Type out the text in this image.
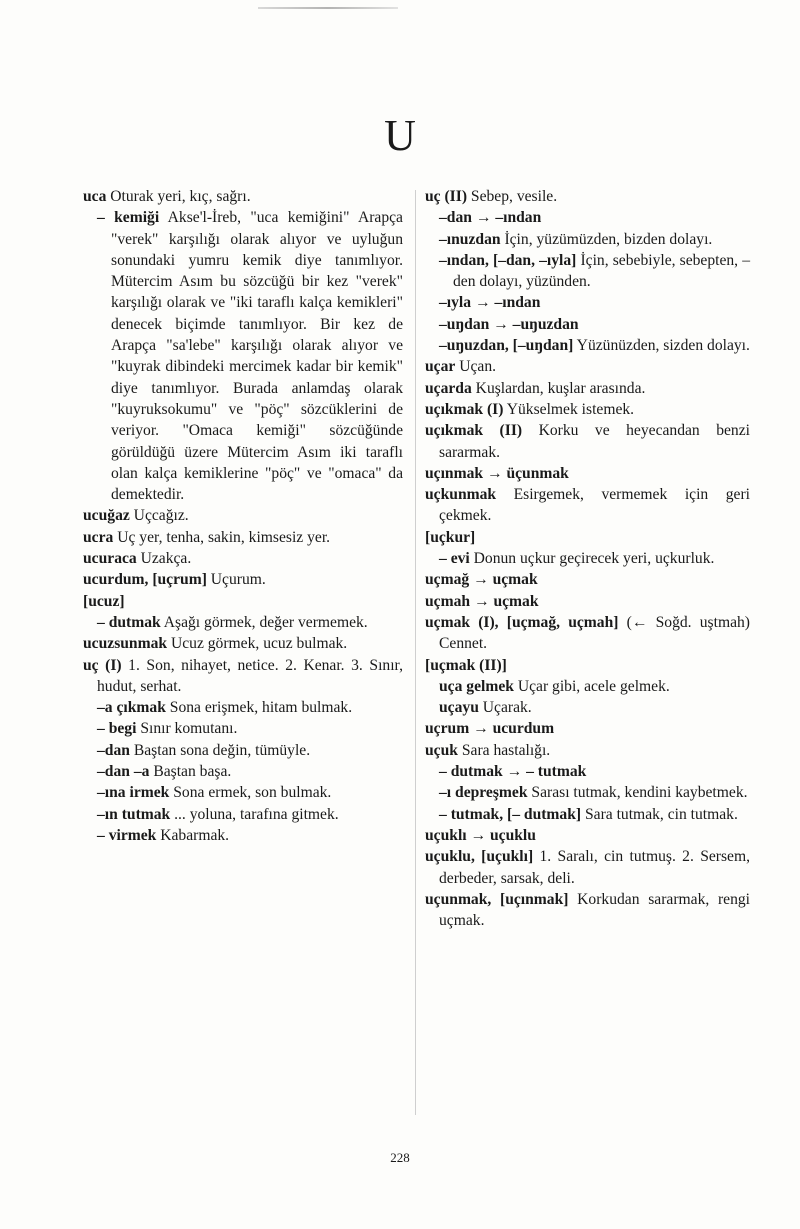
U
uca Oturak yeri, kıç, sağrı.
– kemiği Akse'l-İreb, "uca kemiğini" Arapça "verek" karşılığı olarak alıyor ve uyluğun sonundaki yumru kemik diye tanımlıyor. Mütercim Asım bu sözcüğü bir kez "verek" karşılığı olarak ve "iki taraflı kalça kemikleri" denecek biçimde tanımlıyor. Bir kez de Arapça "sa'lebe" karşılığı olarak alıyor ve "kuyrak dibindeki mercimek kadar bir kemik" diye tanımlıyor. Burada anlamdaş olarak "kuyruksokumu" ve "pöç" sözcüklerini de veriyor. "Omaca kemiği" sözcüğünde görüldüğü üzere Mütercim Asım iki taraflı olan kalça kemiklerine "pöç" ve "omaca" da demektedir.
ucuğaz Uçcağız.
ucra Uç yer, tenha, sakin, kimsesiz yer.
ucuraca Uzakça.
ucurdum, [uçrum] Uçurum.
[ucuz]
– dutmak Aşağı görmek, değer vermemek.
ucuzsunmak Ucuz görmek, ucuz bulmak.
uç (I) 1. Son, nihayet, netice. 2. Kenar. 3. Sınır, hudut, serhat.
–a çıkmak Sona erişmek, hitam bulmak.
– begi Sınır komutanı.
–dan Baştan sona değin, tümüyle.
–dan –a Baştan başa.
–ına irmek Sona ermek, son bulmak.
–ın tutmak ... yoluna, tarafına gitmek.
– virmek Kabarmak.
uç (II) Sebep, vesile.
–dan → –ından
–ınuzdan İçin, yüzümüzden, bizden dolayı.
–ından, [–dan, –ıyla] İçin, sebebiyle, sebepten, –den dolayı, yüzünden.
–ıyla → –ından
–uŋdan → –uŋuzdan
–uŋuzdan, [–uŋdan] Yüzünüzden, sizden dolayı.
uçar Uçan.
uçarda Kuşlardan, kuşlar arasında.
uçıkmak (I) Yükselmek istemek.
uçıkmak (II) Korku ve heyecandan benzi sararmak.
uçınmak → üçunmak
uçkunmak Esirgemek, vermemek için geri çekmek.
[uçkur]
– evi Donun uçkur geçirecek yeri, uçkurluk.
uçmağ → uçmak
uçmah → uçmak
uçmak (I), [uçmağ, uçmah] (← Soğd. uştmah) Cennet.
[uçmak (II)]
uça gelmek Uçar gibi, acele gelmek.
uçayu Uçarak.
uçrum → ucurdum
uçuk Sara hastalığı.
– dutmak → – tutmak
–ı depreşmek Sarası tutmak, kendini kaybetmek.
– tutmak, [– dutmak] Sara tutmak, cin tutmak.
uçuklı → uçuklu
uçuklu, [uçuklı] 1. Saralı, cin tutmuş. 2. Sersem, derbeder, sarsak, deli.
uçunmak, [uçınmak] Korkudan sararmak, rengi uçmak.
228
